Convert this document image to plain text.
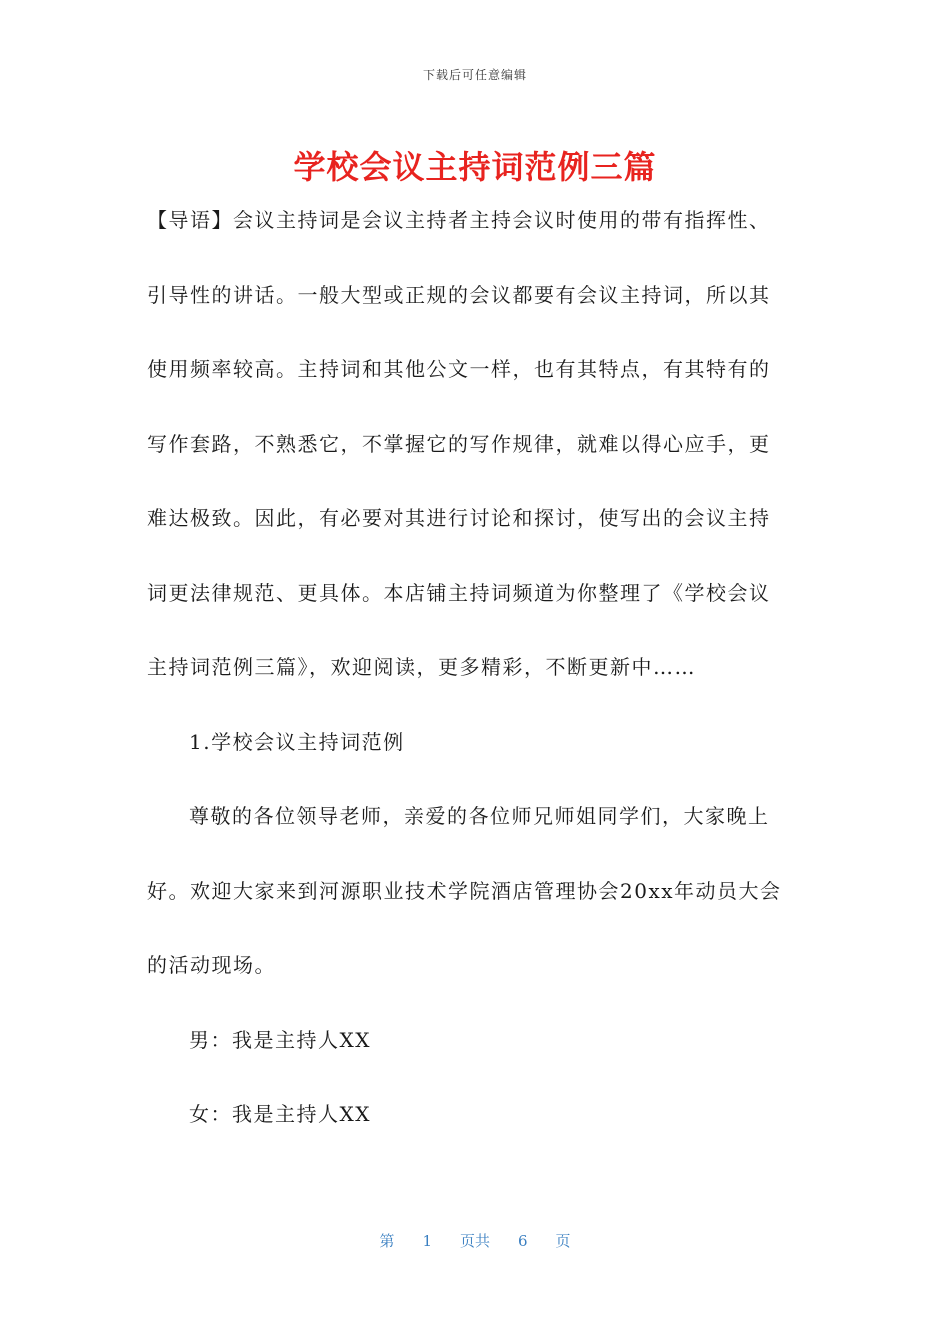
下载后可任意编辑
学校会议主持词范例三篇
【导语】会议主持词是会议主持者主持会议时使用的带有指挥性、
引导性的讲话。一般大型或正规的会议都要有会议主持词，所以其
使用频率较高。主持词和其他公文一样，也有其特点，有其特有的
写作套路，不熟悉它，不掌握它的写作规律，就难以得心应手，更
难达极致。因此，有必要对其进行讨论和探讨，使写出的会议主持
词更法律规范、更具体。本店铺主持词频道为你整理了《学校会议
主持词范例三篇》，欢迎阅读，更多精彩，不断更新中……
1.学校会议主持词范例
尊敬的各位领导老师，亲爱的各位师兄师姐同学们，大家晚上
好。欢迎大家来到河源职业技术学院酒店管理协会20xx年动员大会
的活动现场。
男：我是主持人XX
女：我是主持人XX
第 1 页共 6 页
